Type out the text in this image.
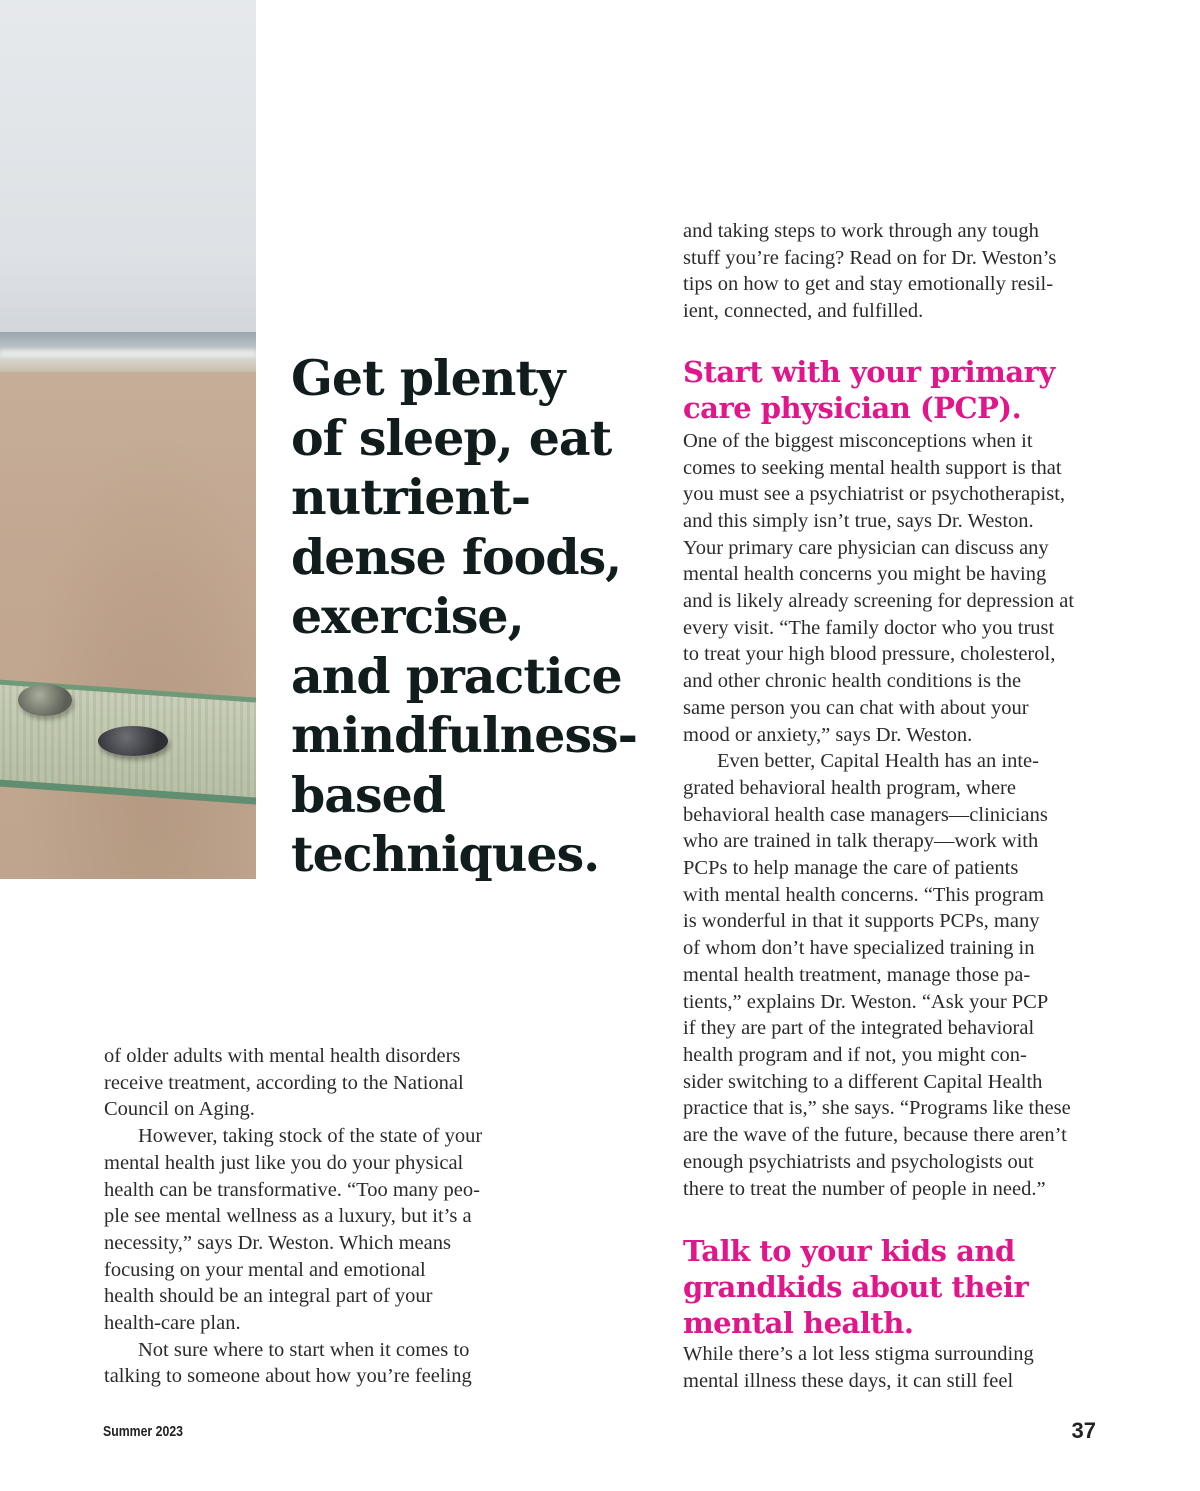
Get plenty
of sleep, eat
nutrient-
dense foods,
exercise,
and practice
mindfulness-
based
techniques.

of older adults with mental health disorders
receive treatment, according to the National
Council on Aging.

However, taking stock of the state of your
mental health just like you do your physical
health can be transformative. “Too many peo-
ple see mental wellness as a luxury, but it’s a
necessity,” says Dr. Weston. Which means
focusing on your mental and emotional
health should be an integral part of your
health-care plan.

Not sure where to start when it comes to
talking to someone about how you’re feeling

and taking steps to work through any tough
stuff you’re facing? Read on for Dr. Weston’s
tips on how to get and stay emotionally resil-
ient, connected, and fulfilled.

Start with your primary
care physician (PCP).

One of the biggest misconceptions when it
comes to seeking mental health support is that
you must see a psychiatrist or psychotherapist,
and this simply isn’t true, says Dr. Weston.
Your primary care physician can discuss any
mental health concerns you might be having
and is likely already screening for depression at
every visit. “The family doctor who you trust
to treat your high blood pressure, cholesterol,
and other chronic health conditions is the
same person you can chat with about your
mood or anxiety,” says Dr. Weston.

Even better, Capital Health has an inte-
grated behavioral health program, where
behavioral health case managers—clinicians
who are trained in talk therapy—work with
PCPs to help manage the care of patients
with mental health concerns. “This program
is wonderful in that it supports PCPs, many
of whom don’t have specialized training in
mental health treatment, manage those pa-
tients,” explains Dr. Weston. “Ask your PCP
if they are part of the integrated behavioral
health program and if not, you might con-
sider switching to a different Capital Health
practice that is,” she says. “Programs like these
are the wave of the future, because there aren’t
enough psychiatrists and psychologists out
there to treat the number of people in need.”

Talk to your kids and
grandkids about their
mental health.

While there’s a lot less stigma surrounding
mental illness these days, it can still feel

Summer 2023	37
